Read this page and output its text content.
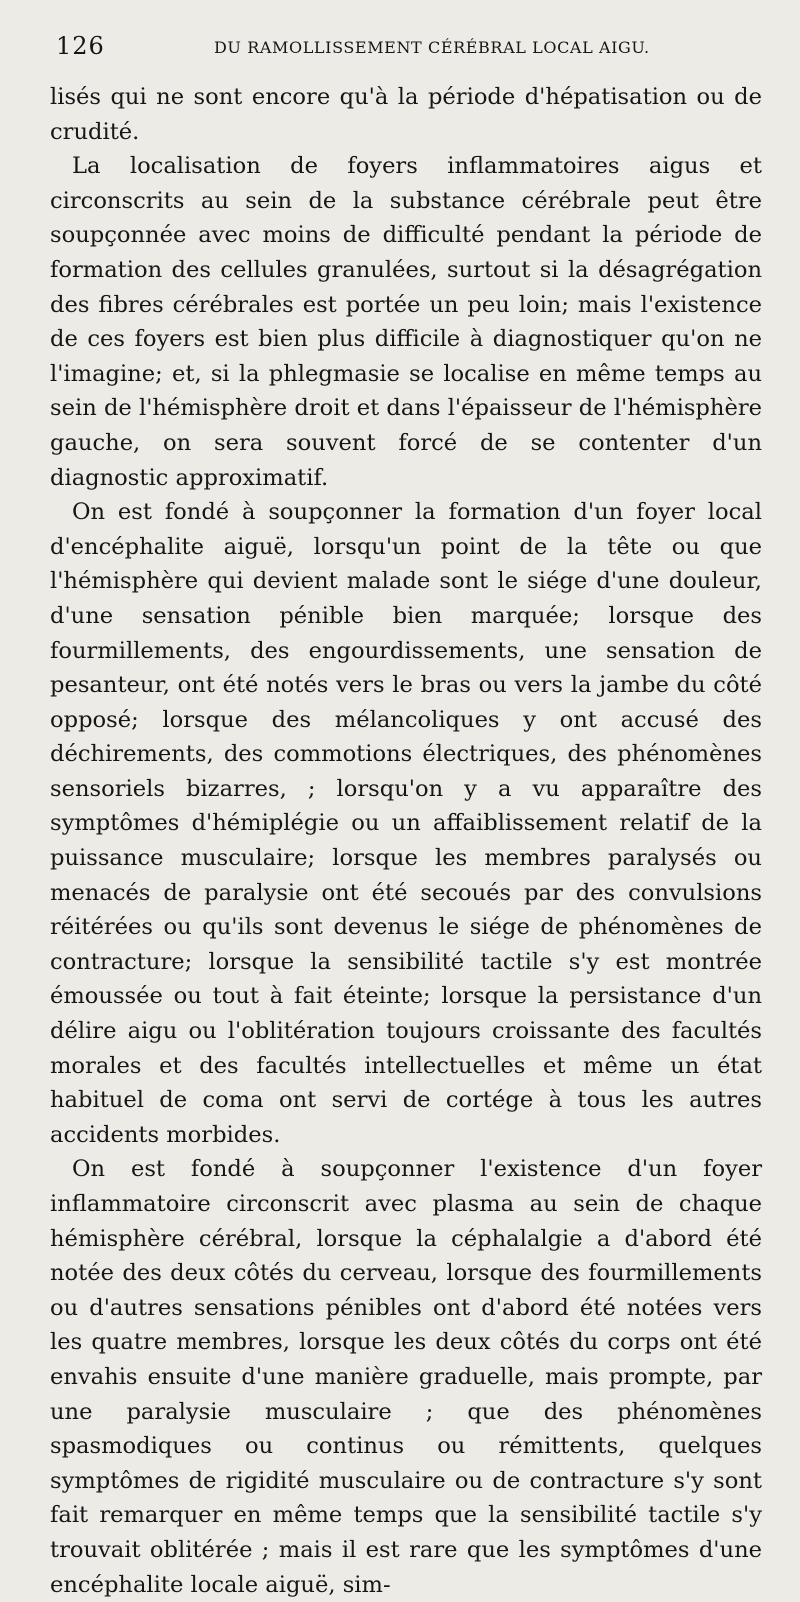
126	DU RAMOLLISSEMENT CÉRÉBRAL LOCAL AIGU.

lisés qui ne sont encore qu'à la période d'hépatisation ou de crudité.

La localisation de foyers inflammatoires aigus et circonscrits au sein de la substance cérébrale peut être soupçonnée avec moins de difficulté pendant la période de formation des cellules granulées, surtout si la désagrégation des fibres cérébrales est portée un peu loin; mais l'existence de ces foyers est bien plus difficile à diagnostiquer qu'on ne l'imagine; et, si la phlegmasie se localise en même temps au sein de l'hémisphère droit et dans l'épaisseur de l'hémisphère gauche, on sera souvent forcé de se contenter d'un diagnostic approximatif.

On est fondé à soupçonner la formation d'un foyer local d'encéphalite aiguë, lorsqu'un point de la tête ou que l'hémisphère qui devient malade sont le siége d'une douleur, d'une sensation pénible bien marquée; lorsque des fourmillements, des engourdissements, une sensation de pesanteur, ont été notés vers le bras ou vers la jambe du côté opposé; lorsque des mélancoliques y ont accusé des déchirements, des commotions électriques, des phénomènes sensoriels bizarres, ; lorsqu'on y a vu apparaître des symptômes d'hémiplégie ou un affaiblissement relatif de la puissance musculaire; lorsque les membres paralysés ou menacés de paralysie ont été secoués par des convulsions réitérées ou qu'ils sont devenus le siége de phénomènes de contracture; lorsque la sensibilité tactile s'y est montrée émoussée ou tout à fait éteinte; lorsque la persistance d'un délire aigu ou l'oblitération toujours croissante des facultés morales et des facultés intellectuelles et même un état habituel de coma ont servi de cortége à tous les autres accidents morbides.

On est fondé à soupçonner l'existence d'un foyer inflammatoire circonscrit avec plasma au sein de chaque hémisphère cérébral, lorsque la céphalalgie a d'abord été notée des deux côtés du cerveau, lorsque des fourmillements ou d'autres sensations pénibles ont d'abord été notées vers les quatre membres, lorsque les deux côtés du corps ont été envahis ensuite d'une manière graduelle, mais prompte, par une paralysie musculaire ; que des phénomènes spasmodiques ou continus ou rémittents, quelques symptômes de rigidité musculaire ou de contracture s'y sont fait remarquer en même temps que la sensibilité tactile s'y trouvait oblitérée ; mais il est rare que les symptômes d'une encéphalite locale aiguë, sim-
